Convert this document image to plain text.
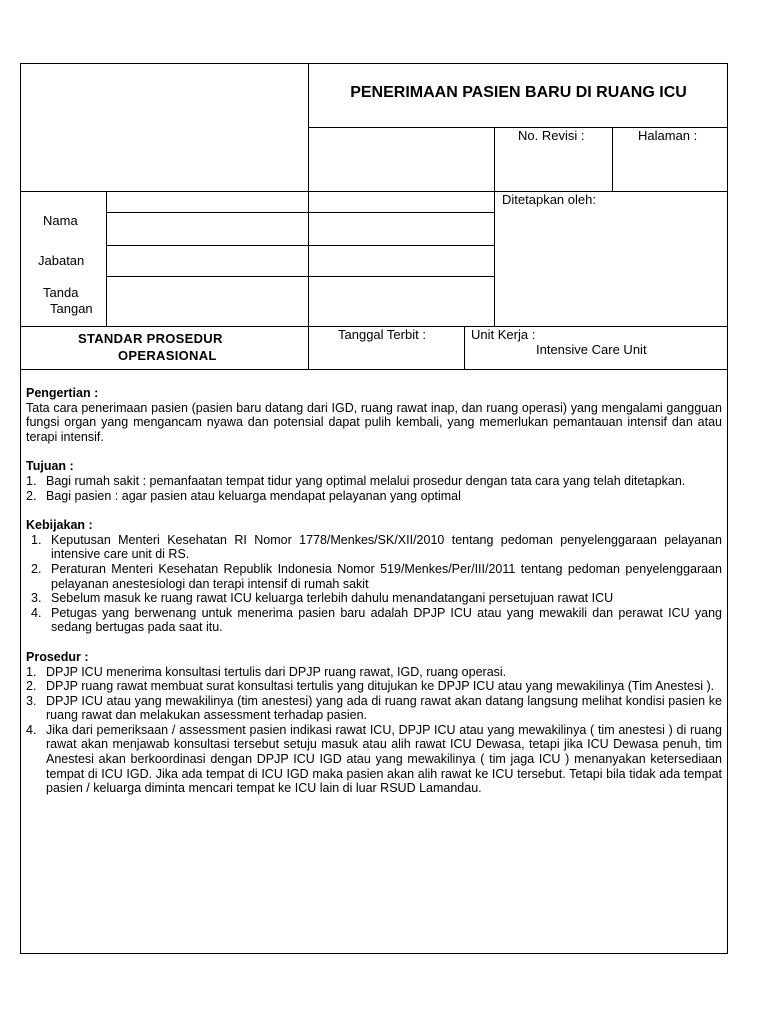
PENERIMAAN PASIEN BARU DI RUANG ICU
No. Revisi :	Halaman :
Ditetapkan oleh:
Nama
Jabatan
Tanda
Tangan
STANDAR PROSEDUR
OPERASIONAL
Tanggal Terbit :	Unit Kerja :
Intensive Care Unit
Pengertian :

Tata cara penerimaan pasien (pasien baru datang dari IGD, ruang rawat inap, dan ruang operasi) yang mengalami gangguan fungsi organ yang mengancam nyawa dan potensial dapat pulih kembali, yang memerlukan pemantauan intensif dan atau terapi intensif.

Tujuan :
1. Bagi rumah sakit : pemanfaatan tempat tidur yang optimal melalui prosedur dengan tata cara yang telah ditetapkan.
2. Bagi pasien : agar pasien atau keluarga mendapat pelayanan yang optimal
Kebijakan :
1. Keputusan Menteri Kesehatan RI Nomor 1778/Menkes/SK/XII/2010 tentang pedoman penyelenggaraan pelayanan intensive care unit di RS.
2. Peraturan Menteri Kesehatan Republik Indonesia Nomor 519/Menkes/Per/III/2011 tentang pedoman penyelenggaraan pelayanan anestesiologi dan terapi intensif di rumah sakit
3. Sebelum masuk ke ruang rawat ICU keluarga terlebih dahulu menandatangani persetujuan rawat ICU
4. Petugas yang berwenang untuk menerima pasien baru adalah DPJP ICU atau yang mewakili dan perawat ICU yang sedang bertugas pada saat itu.
Prosedur :
1. DPJP ICU menerima konsultasi tertulis dari DPJP ruang rawat, IGD, ruang operasi.
2. DPJP ruang rawat membuat surat konsultasi tertulis yang ditujukan ke DPJP ICU atau yang mewakilinya (Tim Anestesi ).
3. DPJP ICU atau yang mewakilinya (tim anestesi) yang ada di ruang rawat akan datang langsung melihat kondisi pasien ke ruang rawat dan melakukan assessment terhadap pasien.
4. Jika dari pemeriksaan / assessment pasien indikasi rawat ICU, DPJP ICU atau yang mewakilinya ( tim anestesi ) di ruang rawat akan menjawab konsultasi tersebut setuju masuk atau alih rawat ICU Dewasa, tetapi jika ICU Dewasa penuh, tim Anestesi akan berkoordinasi dengan DPJP ICU IGD atau yang mewakilinya ( tim jaga ICU ) menanyakan ketersediaan tempat di ICU IGD. Jika ada tempat di ICU IGD maka pasien akan alih rawat ke ICU tersebut. Tetapi bila tidak ada tempat pasien / keluarga diminta mencari tempat ke ICU lain di luar RSUD Lamandau.
